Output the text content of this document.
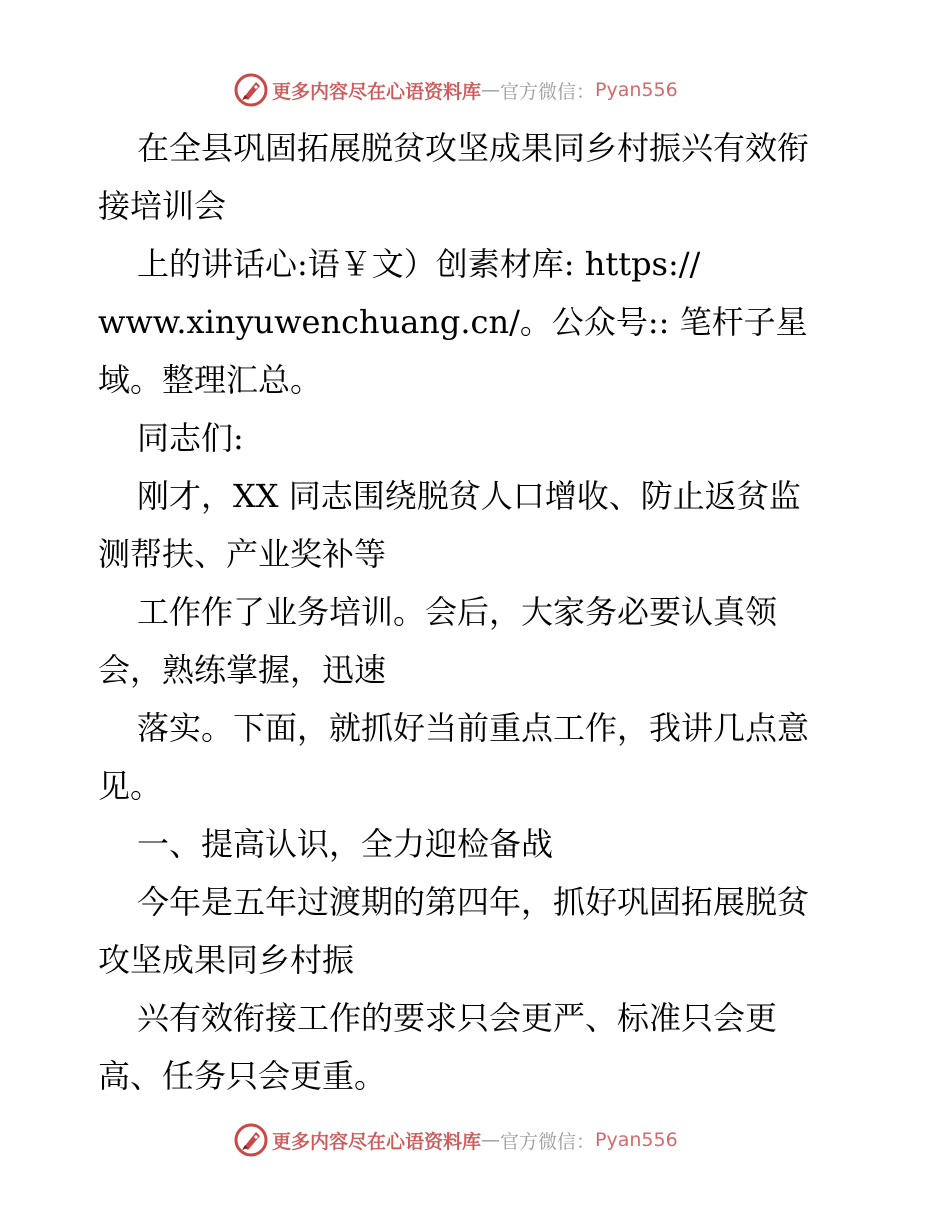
更多内容尽在心语资料库 — 官方微信： Pyan556
在全县巩固拓展脱贫攻坚成果同乡村振兴有效衔
接培训会
上的讲话心:语￥文）创素材库: https://
www.xinyuwenchuang.cn/。公众号:: 笔杆子星
域。整理汇总。
同志们:
刚才，XX 同志围绕脱贫人口增收、防止返贫监
测帮扶、产业奖补等
工作作了业务培训。会后，大家务必要认真领
会，熟练掌握，迅速
落实。下面，就抓好当前重点工作，我讲几点意
见。
一、提高认识，全力迎检备战
今年是五年过渡期的第四年，抓好巩固拓展脱贫
攻坚成果同乡村振
兴有效衔接工作的要求只会更严、标准只会更
高、任务只会更重。
更多内容尽在心语资料库 — 官方微信： Pyan556
